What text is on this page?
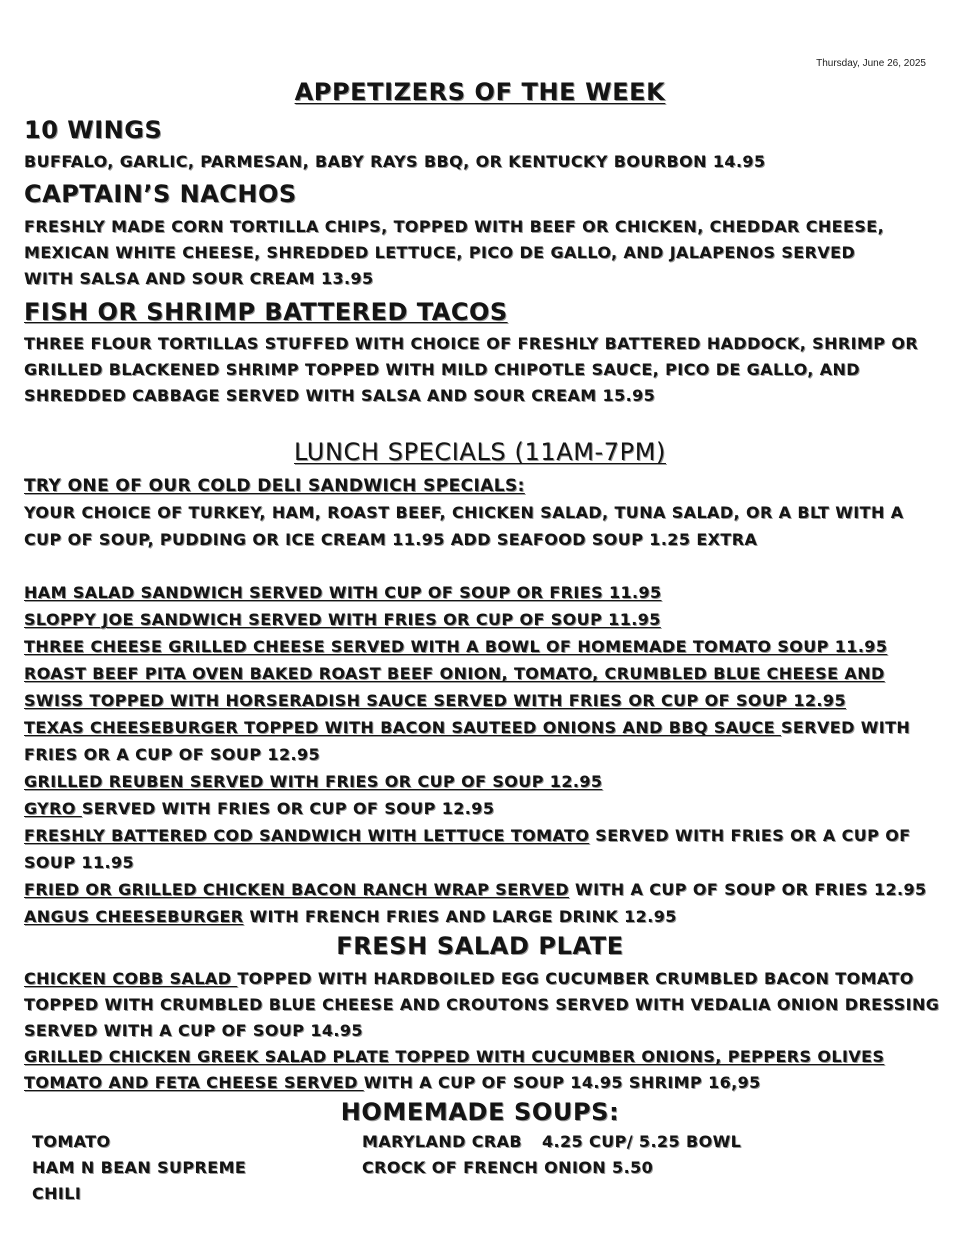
Thursday, June 26, 2025
APPETIZERS OF THE WEEK
10 WINGS
BUFFALO, GARLIC, PARMESAN, BABY RAYS BBQ, OR KENTUCKY BOURBON 14.95
CAPTAIN’S NACHOS
FRESHLY MADE CORN TORTILLA CHIPS, TOPPED WITH BEEF OR CHICKEN, CHEDDAR CHEESE,
MEXICAN WHITE CHEESE, SHREDDED LETTUCE, PICO DE GALLO, AND JALAPENOS SERVED
WITH SALSA AND SOUR CREAM 13.95
FISH OR SHRIMP BATTERED TACOS
THREE FLOUR TORTILLAS STUFFED WITH CHOICE OF FRESHLY BATTERED HADDOCK, SHRIMP OR
GRILLED BLACKENED SHRIMP TOPPED WITH MILD CHIPOTLE SAUCE, PICO DE GALLO, AND
SHREDDED CABBAGE SERVED WITH SALSA AND SOUR CREAM 15.95
LUNCH SPECIALS (11AM-7PM)
TRY ONE OF OUR COLD DELI SANDWICH SPECIALS:
YOUR CHOICE OF TURKEY, HAM, ROAST BEEF, CHICKEN SALAD, TUNA SALAD, OR A BLT WITH A
CUP OF SOUP, PUDDING OR ICE CREAM 11.95 ADD SEAFOOD SOUP 1.25 EXTRA
HAM SALAD SANDWICH SERVED WITH CUP OF SOUP OR FRIES 11.95
SLOPPY JOE SANDWICH SERVED WITH FRIES OR CUP OF SOUP 11.95
THREE CHEESE GRILLED CHEESE SERVED WITH A BOWL OF HOMEMADE TOMATO SOUP 11.95
ROAST BEEF PITA OVEN BAKED ROAST BEEF ONION, TOMATO, CRUMBLED BLUE CHEESE AND
SWISS TOPPED WITH HORSERADISH SAUCE SERVED WITH FRIES OR CUP OF SOUP 12.95
TEXAS CHEESEBURGER TOPPED WITH BACON SAUTEED ONIONS AND BBQ SAUCE SERVED WITH
FRIES OR A CUP OF SOUP 12.95
GRILLED REUBEN SERVED WITH FRIES OR CUP OF SOUP 12.95
GYRO SERVED WITH FRIES OR CUP OF SOUP 12.95
FRESHLY BATTERED COD SANDWICH WITH LETTUCE TOMATO SERVED WITH FRIES OR A CUP OF
SOUP 11.95
FRIED OR GRILLED CHICKEN BACON RANCH WRAP SERVED WITH A CUP OF SOUP OR FRIES 12.95
ANGUS CHEESEBURGER WITH FRENCH FRIES AND LARGE DRINK 12.95
FRESH SALAD PLATE
CHICKEN COBB SALAD TOPPED WITH HARDBOILED EGG CUCUMBER CRUMBLED BACON TOMATO
TOPPED WITH CRUMBLED BLUE CHEESE AND CROUTONS SERVED WITH VEDALIA ONION DRESSING
SERVED WITH A CUP OF SOUP 14.95
GRILLED CHICKEN GREEK SALAD PLATE TOPPED WITH CUCUMBER ONIONS, PEPPERS OLIVES
TOMATO AND FETA CHEESE SERVED WITH A CUP OF SOUP 14.95 SHRIMP 16,95
HOMEMADE SOUPS:
TOMATO
HAM N BEAN SUPREME
CHILI
MARYLAND CRAB 4.25 CUP/ 5.25 BOWL
CROCK OF FRENCH ONION 5.50
